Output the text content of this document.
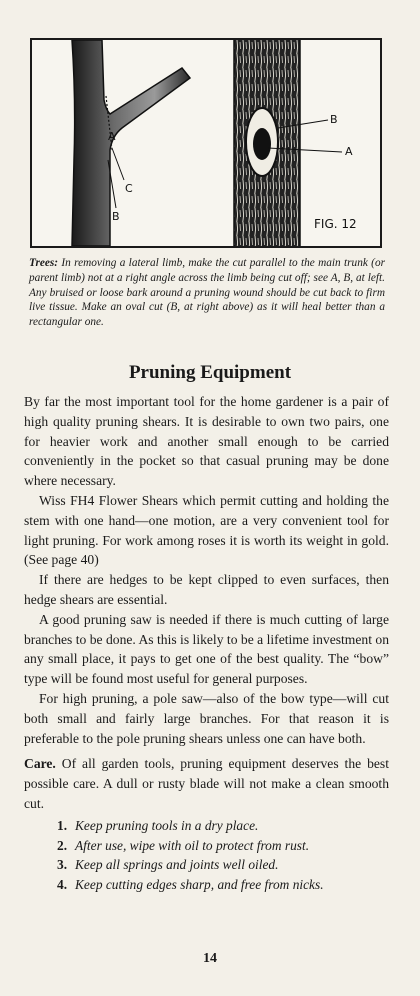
A
C
B
B
A
FIG. 12
Trees: In removing a lateral limb, make the cut parallel to the main trunk (or parent limb) not at a right angle across the limb being cut off; see A, B, at left. Any bruised or loose bark around a pruning wound should be cut back to firm live tissue. Make an oval cut (B, at right above) as it will heal better than a rectangular one.
Pruning Equipment

By far the most important tool for the home gardener is a pair of high quality pruning shears. It is desirable to own two pairs, one for heavier work and another small enough to be carried conveniently in the pocket so that casual pruning may be done where necessary.

Wiss FH4 Flower Shears which permit cutting and holding the stem with one hand—one motion, are a very convenient tool for light pruning. For work among roses it is worth its weight in gold. (See page 40)

If there are hedges to be kept clipped to even surfaces, then hedge shears are essential.

A good pruning saw is needed if there is much cutting of large branches to be done. As this is likely to be a lifetime investment on any small place, it pays to get one of the best quality. The “bow” type will be found most useful for general purposes.

For high pruning, a pole saw—also of the bow type—will cut both small and fairly large branches. For that reason it is preferable to the pole pruning shears unless one can have both.

Care. Of all garden tools, pruning equipment deserves the best possible care. A dull or rusty blade will not make a clean smooth cut.

1. Keep pruning tools in a dry place.
2. After use, wipe with oil to protect from rust.
3. Keep all springs and joints well oiled.
4. Keep cutting edges sharp, and free from nicks.
14
